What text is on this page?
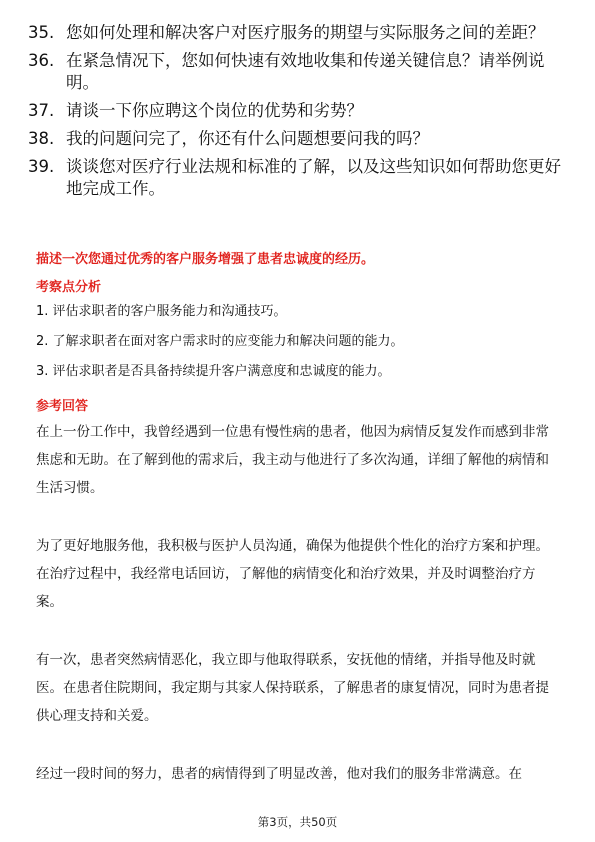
35. 您如何处理和解决客户对医疗服务的期望与实际服务之间的差距？
36. 在紧急情况下，您如何快速有效地收集和传递关键信息？请举例说明。
37. 请谈一下你应聘这个岗位的优势和劣势？
38. 我的问题问完了，你还有什么问题想要问我的吗？
39. 谈谈您对医疗行业法规和标准的了解，以及这些知识如何帮助您更好地完成工作。
描述一次您通过优秀的客户服务增强了患者忠诚度的经历。
考察点分析
1. 评估求职者的客户服务能力和沟通技巧。
2. 了解求职者在面对客户需求时的应变能力和解决问题的能力。
3. 评估求职者是否具备持续提升客户满意度和忠诚度的能力。
参考回答

在上一份工作中，我曾经遇到一位患有慢性病的患者，他因为病情反复发作而感到非常焦虑和无助。在了解到他的需求后，我主动与他进行了多次沟通，详细了解他的病情和生活习惯。

为了更好地服务他，我积极与医护人员沟通，确保为他提供个性化的治疗方案和护理。在治疗过程中，我经常电话回访，了解他的病情变化和治疗效果，并及时调整治疗方案。

有一次，患者突然病情恶化，我立即与他取得联系，安抚他的情绪，并指导他及时就医。在患者住院期间，我定期与其家人保持联系，了解患者的康复情况，同时为患者提供心理支持和关爱。

经过一段时间的努力，患者的病情得到了明显改善，他对我们的服务非常满意。在

第3页，共50页
